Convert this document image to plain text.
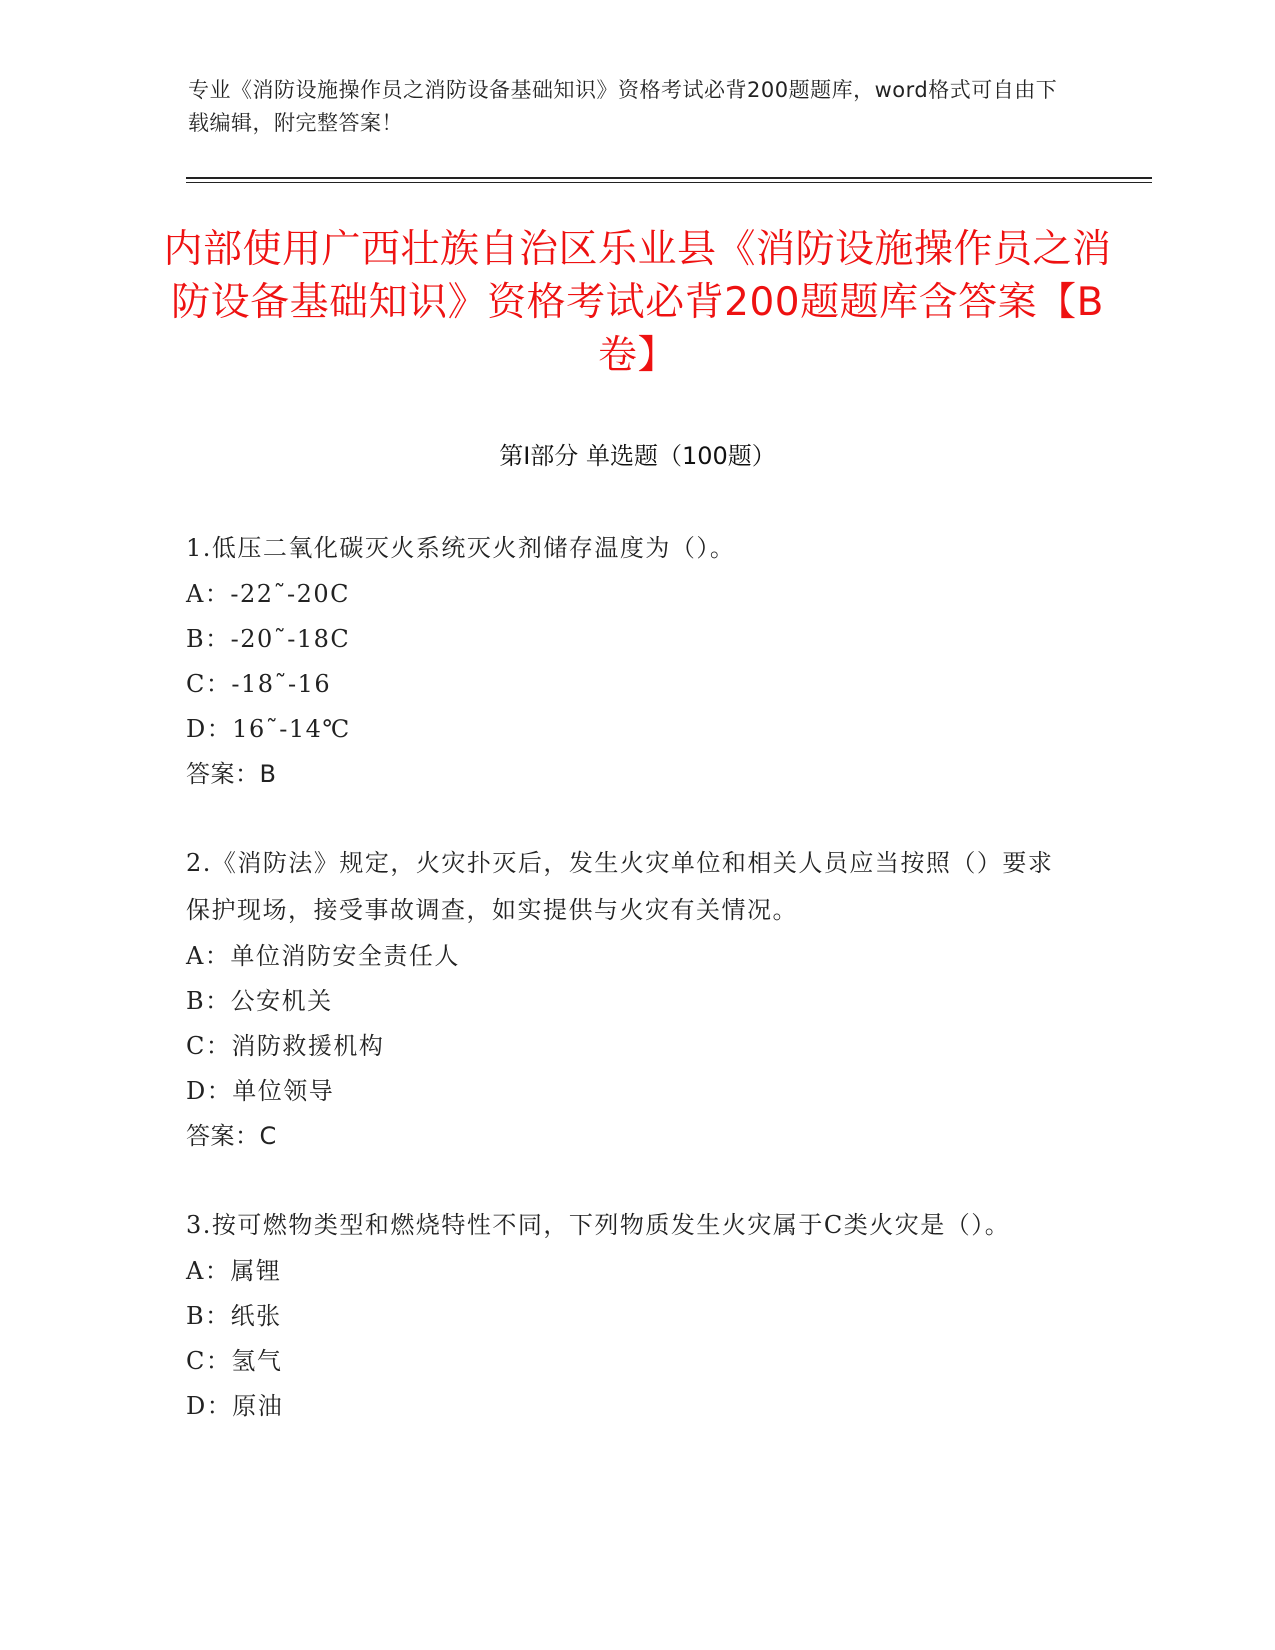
专业《消防设施操作员之消防设备基础知识》资格考试必背200题题库，word格式可自由下载编辑，附完整答案！
内部使用广西壮族自治区乐业县《消防设施操作员之消防设备基础知识》资格考试必背200题题库含答案【B卷】
第Ⅰ部分 单选题（100题）
1.低压二氧化碳灭火系统灭火剂储存温度为（）。
A：-22˜-20C
B：-20˜-18C
C：-18˜-16
D：16˜-14℃
答案：B
2.《消防法》规定，火灾扑灭后，发生火灾单位和相关人员应当按照（）要求保护现场，接受事故调查，如实提供与火灾有关情况。
A：单位消防安全责任人
B：公安机关
C：消防救援机构
D：单位领导
答案：C
3.按可燃物类型和燃烧特性不同，下列物质发生火灾属于C类火灾是（）。
A：属锂
B：纸张
C：氢气
D：原油
